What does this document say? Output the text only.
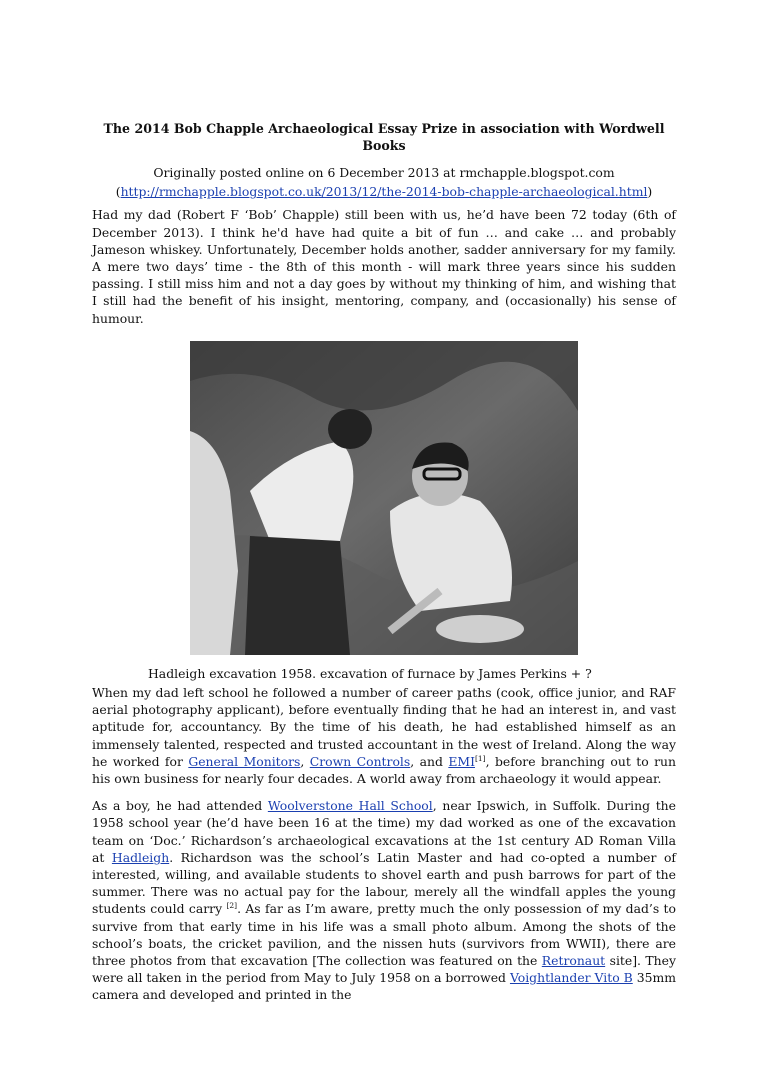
The 2014 Bob Chapple Archaeological Essay Prize in association with Wordwell Books
Originally posted online on 6 December 2013 at rmchapple.blogspot.com
(http://rmchapple.blogspot.co.uk/2013/12/the-2014-bob-chapple-archaeological.html)

Had my dad (Robert F ‘Bob’ Chapple) still been with us, he’d have been 72 today (6th of December 2013). I think he'd have had quite a bit of fun … and cake … and probably Jameson whiskey. Unfortunately, December holds another, sadder anniversary for my family. A mere two days’ time - the 8th of this month - will mark three years since his sudden passing. I still miss him and not a day goes by without my thinking of him, and wishing that I still had the benefit of his insight, mentoring, company, and (occasionally) his sense of humour.

Hadleigh excavation 1958. excavation of furnace by James Perkins + ?

When my dad left school he followed a number of career paths (cook, office junior, and RAF aerial photography applicant), before eventually finding that he had an interest in, and vast aptitude for, accountancy. By the time of his death, he had established himself as an immensely talented, respected and trusted accountant in the west of Ireland. Along the way he worked for General Monitors, Crown Controls, and EMI[1], before branching out to run his own business for nearly four decades. A world away from archaeology it would appear.

As a boy, he had attended Woolverstone Hall School, near Ipswich, in Suffolk. During the 1958 school year (he’d have been 16 at the time) my dad worked as one of the excavation team on ‘Doc.’ Richardson’s archaeological excavations at the 1st century AD Roman Villa at Hadleigh. Richardson was the school’s Latin Master and had co-opted a number of interested, willing, and available students to shovel earth and push barrows for part of the summer. There was no actual pay for the labour, merely all the windfall apples the young students could carry [2]. As far as I’m aware, pretty much the only possession of my dad’s to survive from that early time in his life was a small photo album. Among the shots of the school’s boats, the cricket pavilion, and the nissen huts (survivors from WWII), there are three photos from that excavation [The collection was featured on the Retronaut site]. They were all taken in the period from May to July 1958 on a borrowed Voightlander Vito B 35mm camera and developed and printed in the
